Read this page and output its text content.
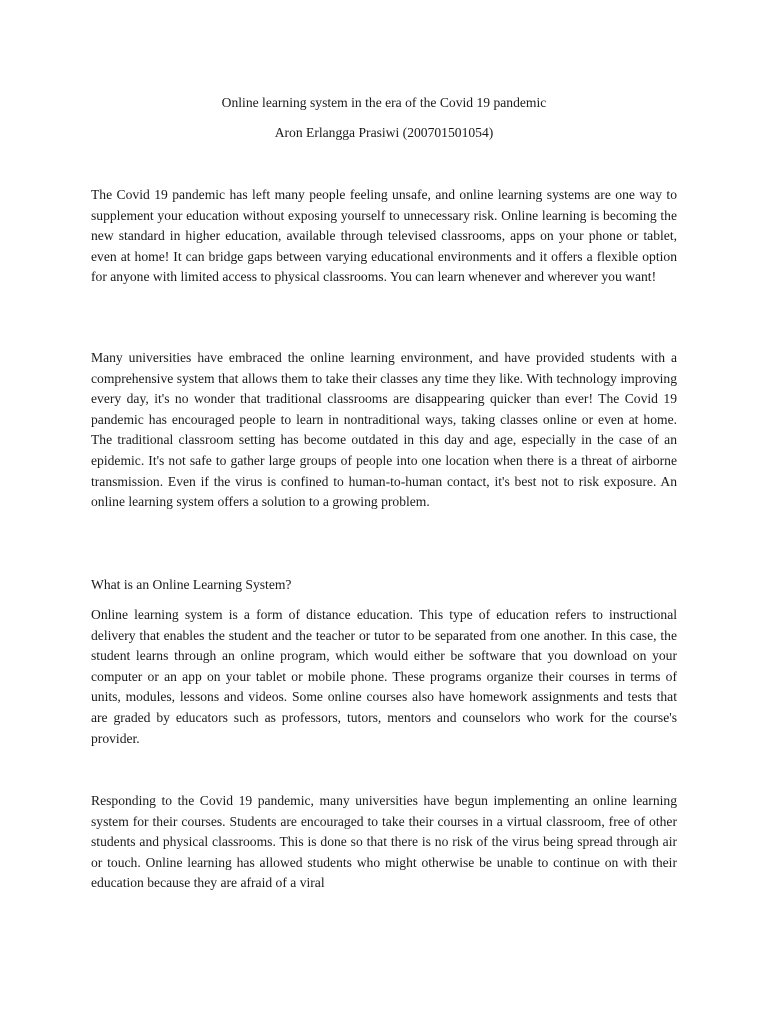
Online learning system in the era of the Covid 19 pandemic
Aron Erlangga Prasiwi (200701501054)

The Covid 19 pandemic has left many people feeling unsafe, and online learning systems are one way to supplement your education without exposing yourself to unnecessary risk. Online learning is becoming the new standard in higher education, available through televised classrooms, apps on your phone or tablet, even at home! It can bridge gaps between varying educational environments and it offers a flexible option for anyone with limited access to physical classrooms. You can learn whenever and wherever you want!

Many universities have embraced the online learning environment, and have provided students with a comprehensive system that allows them to take their classes any time they like. With technology improving every day, it's no wonder that traditional classrooms are disappearing quicker than ever! The Covid 19 pandemic has encouraged people to learn in nontraditional ways, taking classes online or even at home. The traditional classroom setting has become outdated in this day and age, especially in the case of an epidemic. It's not safe to gather large groups of people into one location when there is a threat of airborne transmission. Even if the virus is confined to human-to-human contact, it's best not to risk exposure. An online learning system offers a solution to a growing problem.

What is an Online Learning System?

Online learning system is a form of distance education. This type of education refers to instructional delivery that enables the student and the teacher or tutor to be separated from one another. In this case, the student learns through an online program, which would either be software that you download on your computer or an app on your tablet or mobile phone. These programs organize their courses in terms of units, modules, lessons and videos. Some online courses also have homework assignments and tests that are graded by educators such as professors, tutors, mentors and counselors who work for the course's provider.

Responding to the Covid 19 pandemic, many universities have begun implementing an online learning system for their courses. Students are encouraged to take their courses in a virtual classroom, free of other students and physical classrooms. This is done so that there is no risk of the virus being spread through air or touch. Online learning has allowed students who might otherwise be unable to continue on with their education because they are afraid of a viral
